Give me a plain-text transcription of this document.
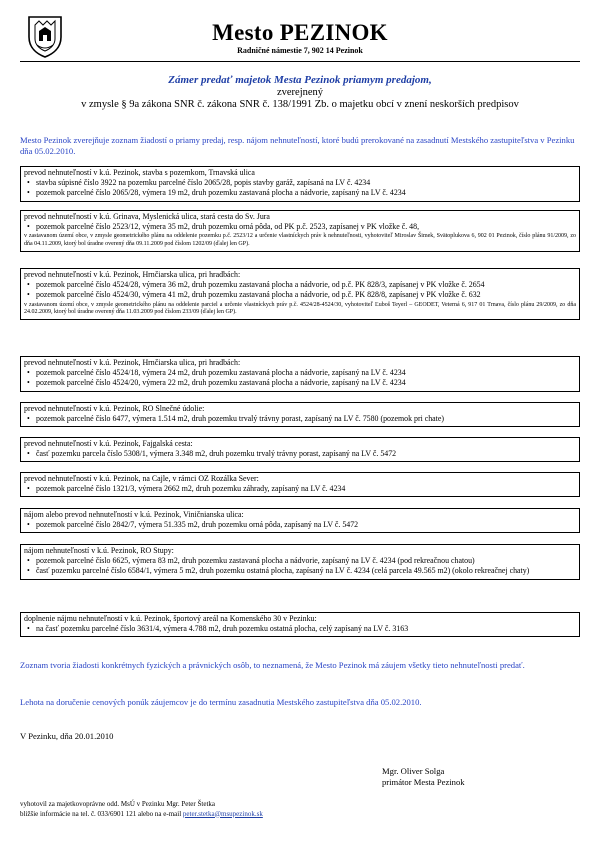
Mesto PEZINOK
Radničné námestie 7, 902 14 Pezinok
Zámer predať majetok Mesta Pezinok priamym predajom,
zverejnený
v zmysle § 9a zákona SNR č. zákona SNR č. 138/1991 Zb. o majetku obcí v znení neskorších predpisov
Mesto Pezinok zverejňuje zoznam žiadostí o priamy predaj, resp. nájom nehnuteľností, ktoré budú prerokované na zasadnutí Mestského zastupiteľstva v Pezinku dňa 05.02.2010.
prevod nehnuteľností v k.ú. Pezinok, stavba s pozemkom, Trnavská ulica
• stavba súpisné číslo 3922 na pozemku parcelné číslo 2065/28, popis stavby garáž, zapísaná na LV č. 4234
• pozemok parcelné číslo 2065/28, výmera 19 m2, druh pozemku zastavaná plocha a nádvorie, zapísaný na LV č. 4234
prevod nehnuteľností v k.ú. Grinava, Myslenická ulica, stará cesta do Sv. Jura
• pozemok parcelné číslo 2523/12, výmera 35 m2, druh pozemku orná pôda, od PK p.č. 2523, zapísanej v PK vložke č. 48,
v zastavanom území obce, v zmysle geometrického plánu na oddelenie pozemku p.č. 2523/12 a určenie vlastníckych práv k nehnuteľnosti, vyhotoviteľ Miroslav Šimek, Svätoplukova 6, 902 01 Pezinok, číslo plánu 91/2009, zo dňa 04.11.2009, ktorý bol úradne overený dňa 09.11.2009 pod číslom 1202/09 (ďalej len GP).
prevod nehnuteľností v k.ú. Pezinok, Hrnčiarska ulica, pri hradbách:
• pozemok parcelné číslo 4524/28, výmera 36 m2, druh pozemku zastavaná plocha a nádvorie, od p.č. PK 828/3, zapísanej v PK vložke č. 2654
• pozemok parcelné číslo 4524/30, výmera 41 m2, druh pozemku zastavaná plocha a nádvorie, od p.č. PK 828/8, zapísanej v PK vložke č. 632
v zastavanom území obce, v zmysle geometrického plánu na oddelenie parciel a určenie vlastníckych práv p.č. 4524/28-4524/30, vyhotoviteľ Ľuboš Teyerl – GEODET, Veterná 6, 917 01 Trnava, číslo plánu 29/2009, zo dňa 24.02.2009, ktorý bol úradne overený dňa 11.03.2009 pod číslom 233/09 (ďalej len GP).
prevod nehnuteľností v k.ú. Pezinok, Hrnčiarska ulica, pri hradbách:
• pozemok parcelné číslo 4524/18, výmera 24 m2, druh pozemku zastavaná plocha a nádvorie, zapísaný na LV č. 4234
• pozemok parcelné číslo 4524/20, výmera 22 m2, druh pozemku zastavaná plocha a nádvorie, zapísaný na LV č. 4234
prevod nehnuteľností v k.ú. Pezinok, RO Slnečné údolie:
• pozemok parcelné číslo 6477, výmera 1.514 m2, druh pozemku trvalý trávny porast, zapísaný na LV č. 7580 (pozemok pri chate)
prevod nehnuteľností v k.ú. Pezinok, Fajgalská cesta:
• časť pozemku parcela číslo 5308/1, výmera 3.348 m2, druh pozemku trvalý trávny porast, zapísaný na LV č. 5472
prevod nehnuteľností v k.ú. Pezinok, na Cajle, v rámci OZ Rozálka Sever:
• pozemok parcelné číslo 1321/3, výmera 2662 m2, druh pozemku záhrady, zapísaný na LV č. 4234
nájom alebo prevod nehnuteľností v k.ú. Pezinok, Viničnianska ulica:
• pozemok parcelné číslo 2842/7, výmera 51.335 m2, druh pozemku orná pôda, zapísaný na LV č. 5472
nájom nehnuteľností v k.ú. Pezinok, RO Stupy:
• pozemok parcelné číslo 6625, výmera 83 m2, druh pozemku zastavaná plocha a nádvorie, zapísaný na LV č. 4234 (pod rekreačnou chatou)
• časť pozemku parcelné číslo 6584/1, výmera 5 m2, druh pozemku ostatná plocha, zapísaný na LV č. 4234 (celá parcela 49.565 m2) (okolo rekreačnej chaty)
doplnenie nájmu nehnuteľností v k.ú. Pezinok, športový areál na Komenského 30 v Pezinku:
• na časť pozemku parcelné číslo 3631/4, výmera 4.788 m2, druh pozemku ostatná plocha, celý zapísaný na LV č. 3163
Zoznam tvoria žiadosti konkrétnych fyzických a právnických osôb, to neznamená, že Mesto Pezinok má záujem všetky tieto nehnuteľnosti predať.
Lehota na doručenie cenových ponúk záujemcov je do termínu zasadnutia Mestského zastupiteľstva dňa 05.02.2010.
V Pezinku, dňa 20.01.2010
Mgr. Oliver Solga
primátor Mesta Pezinok
vyhotovil za majetkovoprávne odd. MsÚ v Pezinku Mgr. Peter Štetka
bližšie informácie na tel. č. 033/6901 121 alebo na e-mail peter.stetka@msupezinok.sk
